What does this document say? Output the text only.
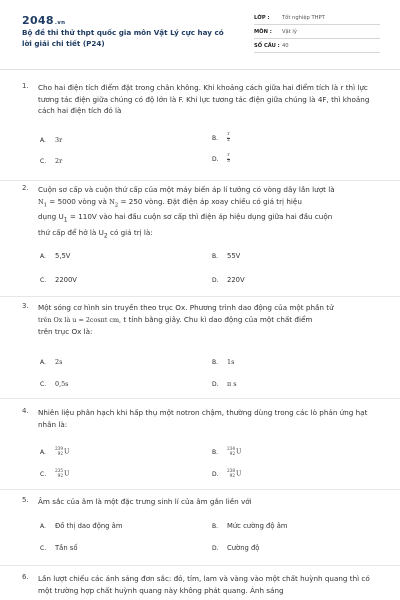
2048.vn
Bộ đề thi thử thpt quốc gia môn Vật Lý cực hay có lời giải chi tiết (P24)
LỚP :	Tốt nghiệp THPT
MÔN :	Vật lý
SỐ CÂU : 40
1. Cho hai điện tích điểm đặt trong chân không. Khi khoảng cách giữa hai điểm tích là r thì lực tương tác điện giữa chúng có độ lớn là F. Khi lực tương tác điện giữa chúng là 4F, thì khoảng cách hai điện tích đó là
A. 3r	B. $\frac{r}{2}$
C. 2r	D. $\frac{r}{3}$
2. Cuộn sơ cấp và cuộn thứ cấp của một máy biến áp lí tưởng có vòng dây lần lượt là
$N_1 = 5000$ vòng và $N_2 = 250$ vòng. Đặt điện áp xoay chiều có giá trị hiệu
dụng $U_1 = 110V$ vào hai đầu cuộn sơ cấp thì điện áp hiệu dụng giữa hai đầu cuộn
thứ cấp để hở là $U_2$ có giá trị là:
A. 5,5V	B. 55V
C. 2200V	D. 220V
3. Một sóng cơ hình sin truyền theo trục Ox. Phương trình dao động của một phần tử
trên Ox là u = 2cosπt cm, t tính bằng giây. Chu kì dao động của một chất điểm
trên trục Ox là:
A. 2s	B. 1s
C. 0,5s	D. π s
4. Nhiên liệu phân hạch khi hấp thụ một notron chậm, thường dùng trong các lò phản ứng hạt nhân là:
A.
239
92 U	B.
234
92 U
C.
235
92 U	D.
238
92 U
5. Âm sắc của âm là một đặc trưng sinh lí của âm gắn liền với
A. Đồ thị dao động âm	B. Mức cường độ âm
C. Tần số	D. Cường độ
6. Lần lượt chiếu các ánh sáng đơn sắc: đỏ, tím, lam và vàng vào một chất huỳnh quang thì có một trường hợp chất huỳnh quang này không phát quang. Ánh sáng
